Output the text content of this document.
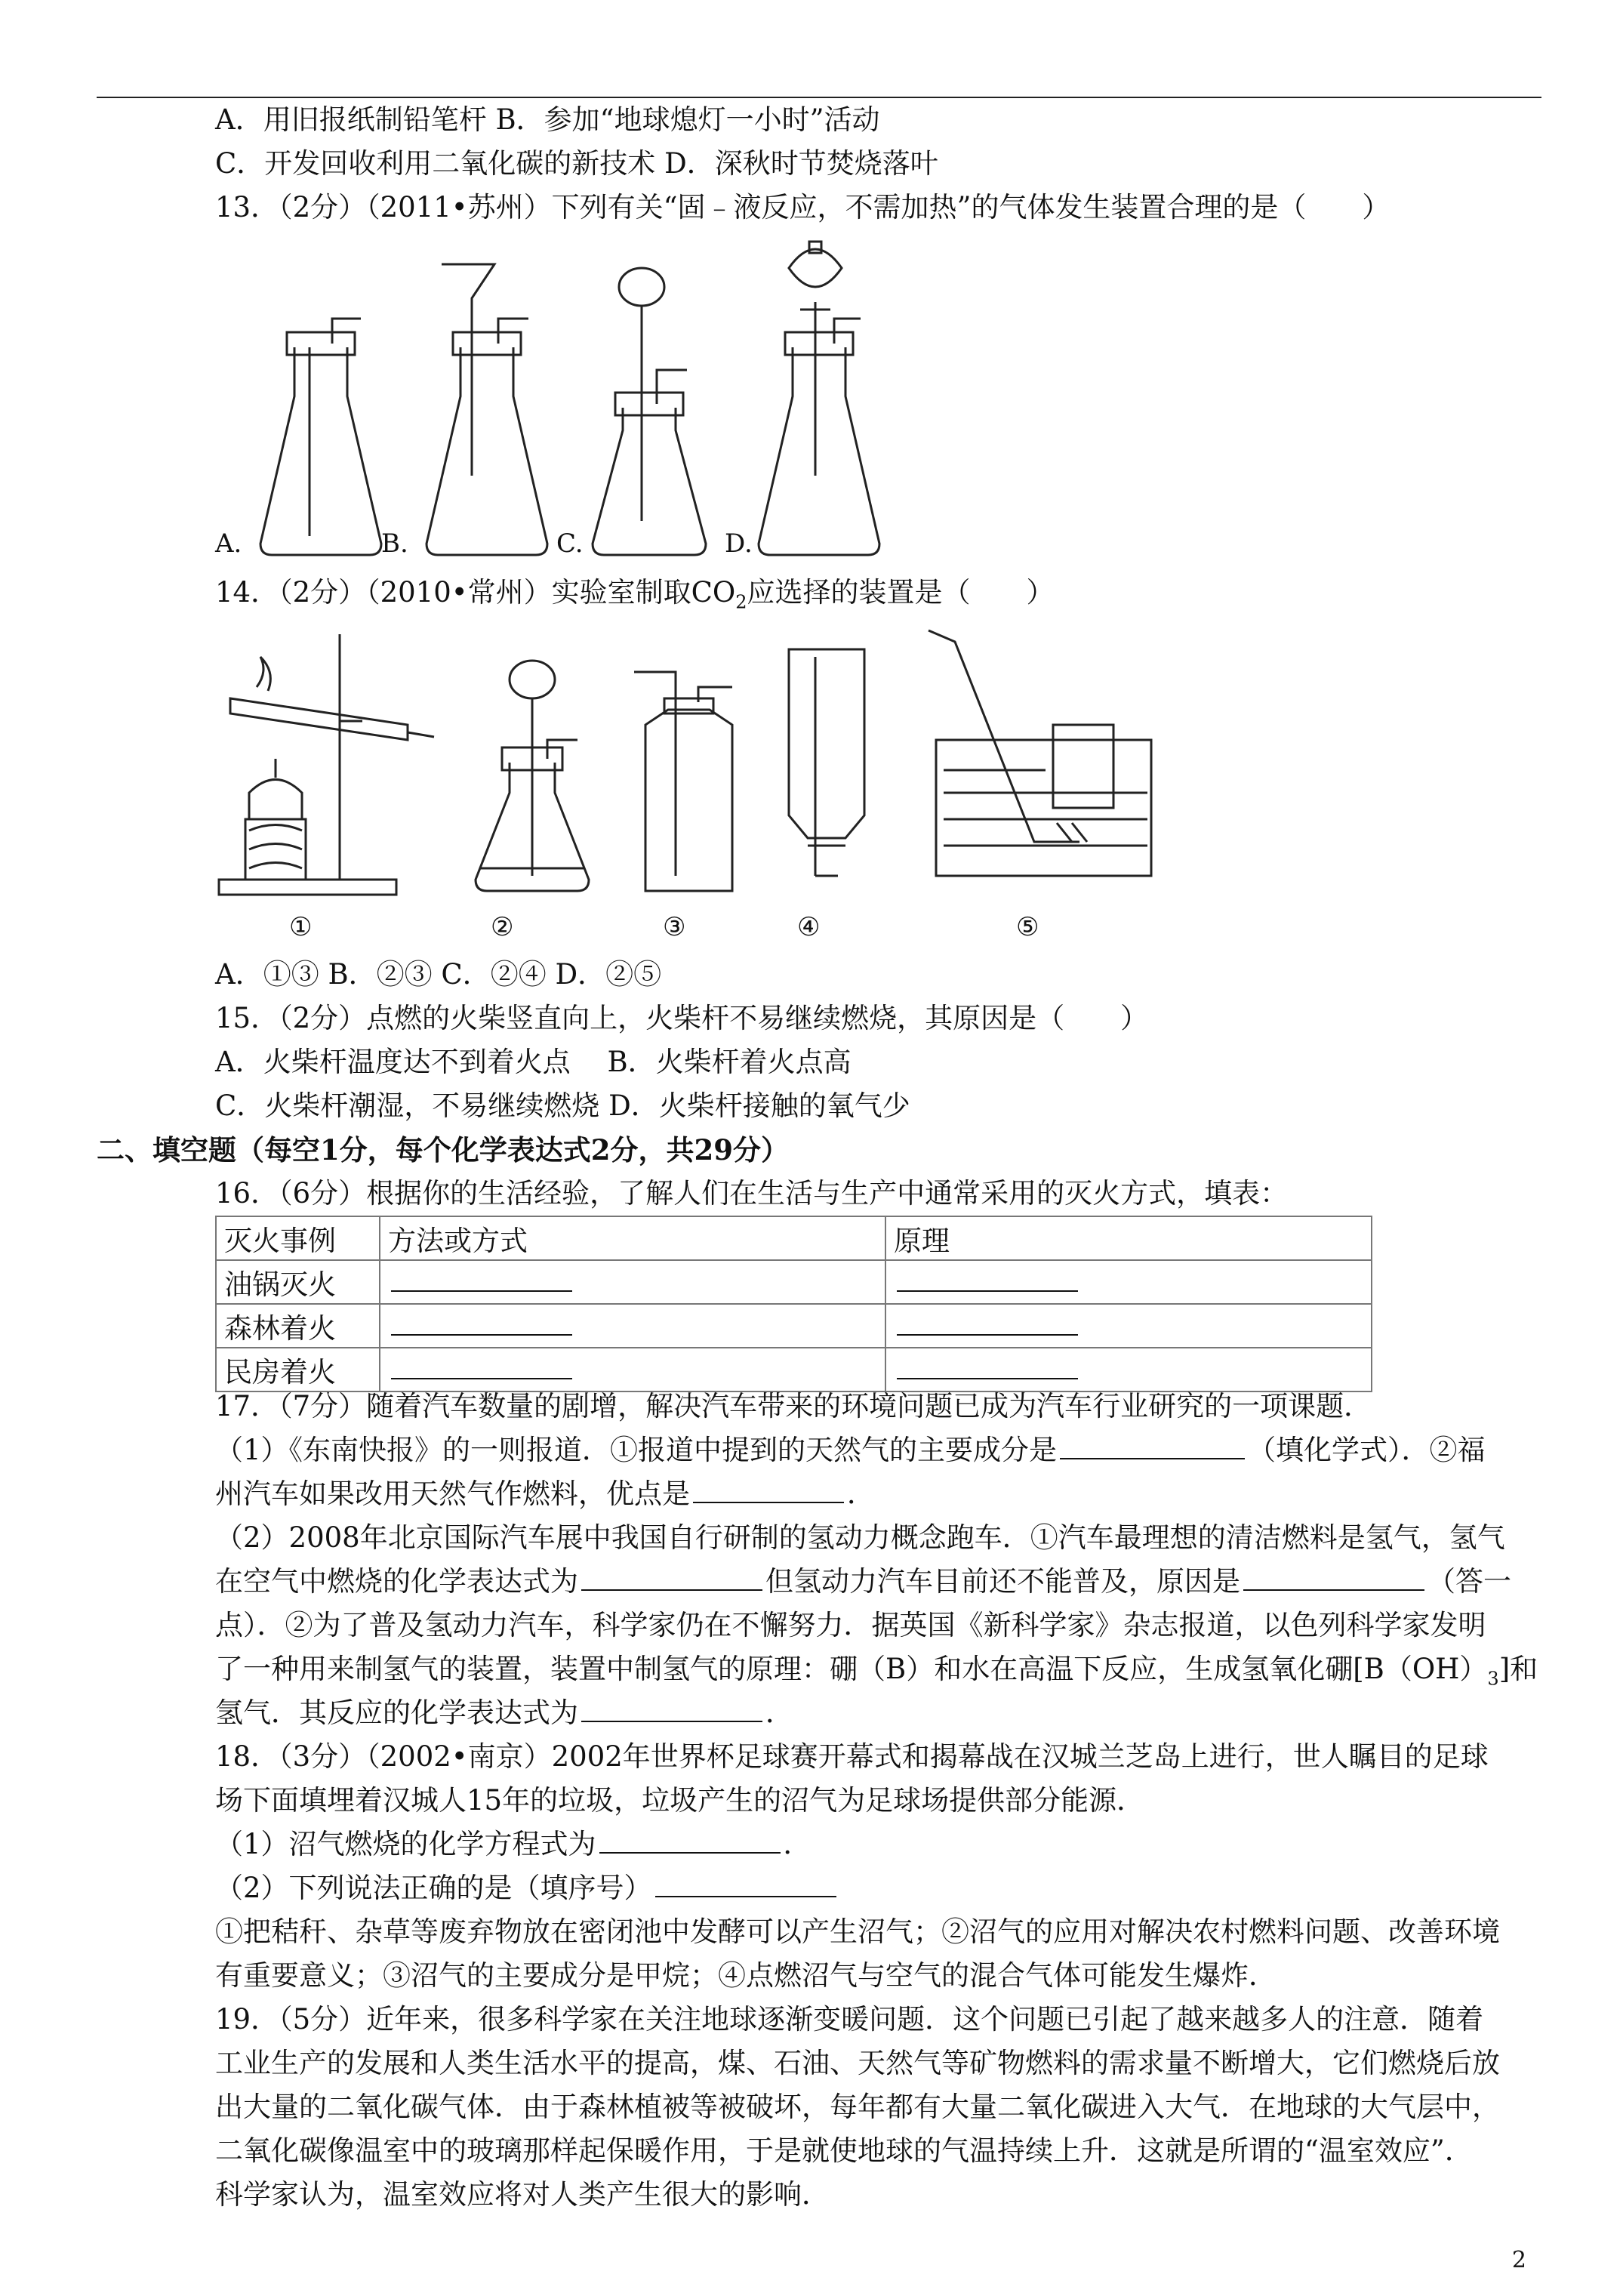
A．用旧报纸制铅笔杆 B．参加“地球熄灯一小时”活动
C．开发回收利用二氧化碳的新技术 D．深秋时节焚烧落叶
13．（2分）（2011•苏州）下列有关“固﹣液反应，不需加热”的气体发生装置合理的是（　　）
A.	B.	C.	D.
14．（2分）（2010•常州）实验室制取$CO_2$应选择的装置是（　　）
①	②	③	④	⑤
A．①③ B．②③ C．②④ D．②⑤
15．（2分）点燃的火柴竖直向上，火柴杆不易继续燃烧，其原因是（　　）
A．火柴杆温度达不到着火点　 B．火柴杆着火点高
C．火柴杆潮湿，不易继续燃烧 D．火柴杆接触的氧气少
二、填空题（每空1分，每个化学表达式2分，共29分）
16．（6分）根据你的生活经验，了解人们在生活与生产中通常采用的灭火方式，填表：
灭火事例	方法或方式	原理
油锅灭火		
森林着火		
民房着火		
17．（7分）随着汽车数量的剧增，解决汽车带来的环境问题已成为汽车行业研究的一项课题．
（1）《东南快报》的一则报道．①报道中提到的天然气的主要成分是	（填化学式）．②福
州汽车如果改用天然气作燃料，优点是	．
（2）2008年北京国际汽车展中我国自行研制的氢动力概念跑车．①汽车最理想的清洁燃料是氢气，氢气
在空气中燃烧的化学表达式为	但氢动力汽车目前还不能普及，原因是	（答一
点）．②为了普及氢动力汽车，科学家仍在不懈努力．据英国《新科学家》杂志报道，以色列科学家发明
了一种用来制氢气的装置，装置中制氢气的原理：硼（B）和水在高温下反应，生成氢氧化硼$[B(OH)_3]$和
氢气．其反应的化学表达式为	．
18．（3分）（2002•南京）2002年世界杯足球赛开幕式和揭幕战在汉城兰芝岛上进行，世人瞩目的足球
场下面填埋着汉城人15年的垃圾，垃圾产生的沼气为足球场提供部分能源．
（1）沼气燃烧的化学方程式为	．
（2）下列说法正确的是（填序号）
①把秸秆、杂草等废弃物放在密闭池中发酵可以产生沼气；②沼气的应用对解决农村燃料问题、改善环境
有重要意义；③沼气的主要成分是甲烷；④点燃沼气与空气的混合气体可能发生爆炸．
19．（5分）近年来，很多科学家在关注地球逐渐变暖问题．这个问题已引起了越来越多人的注意．随着
工业生产的发展和人类生活水平的提高，煤、石油、天然气等矿物燃料的需求量不断增大，它们燃烧后放
出大量的二氧化碳气体．由于森林植被等被破坏，每年都有大量二氧化碳进入大气．在地球的大气层中，
二氧化碳像温室中的玻璃那样起保暖作用，于是就使地球的气温持续上升．这就是所谓的“温室效应”．
科学家认为，温室效应将对人类产生很大的影响．
2
